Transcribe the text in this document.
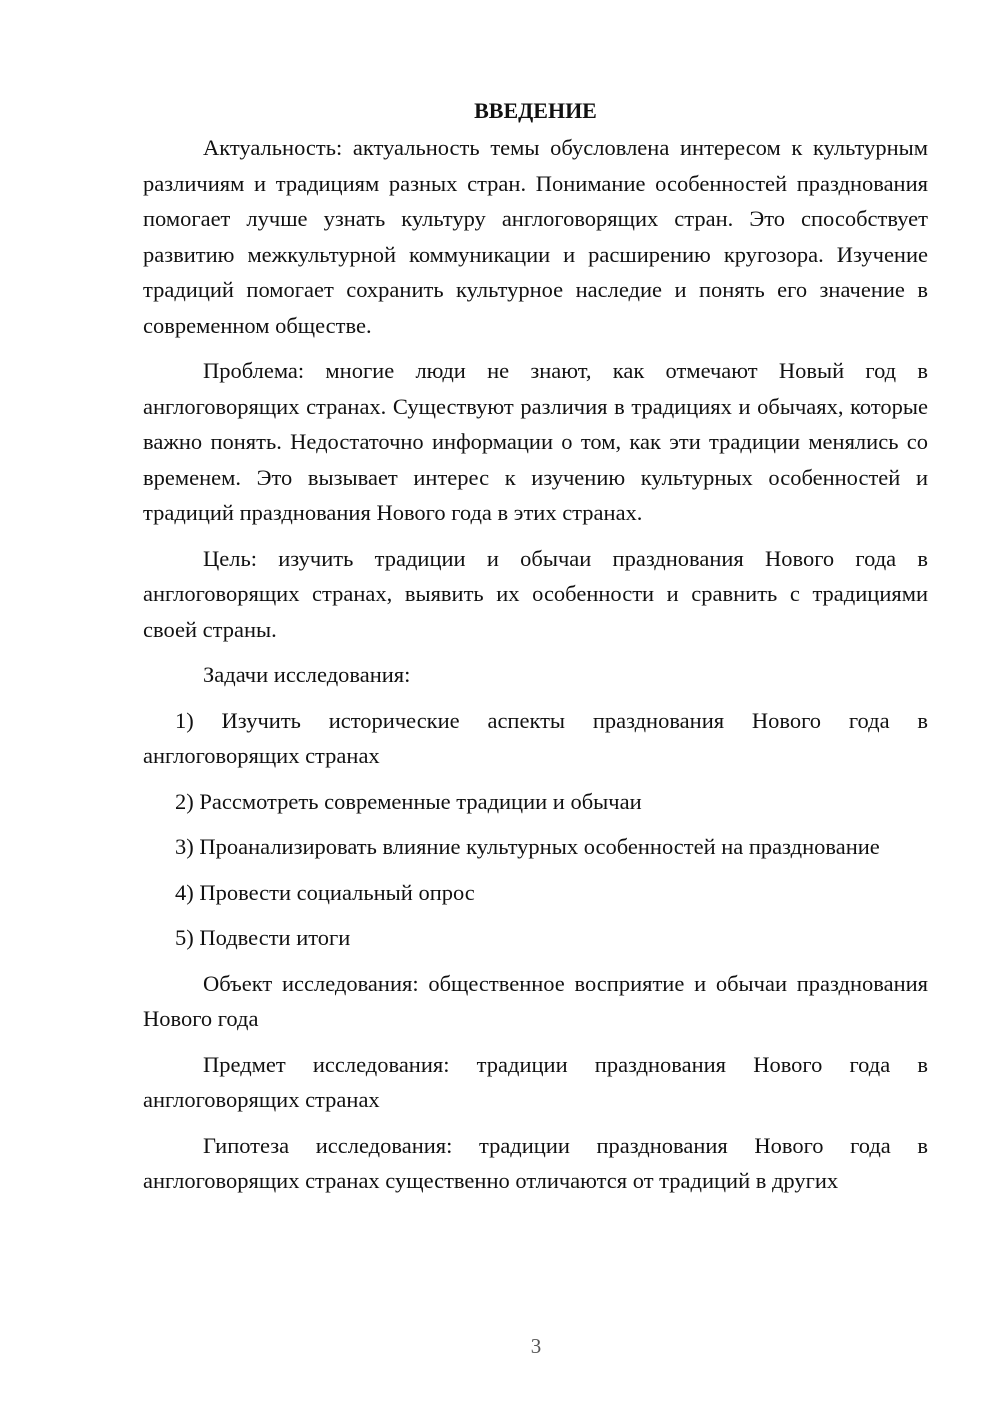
ВВЕДЕНИЕ

Актуальность: актуальность темы обусловлена интересом к культурным различиям и традициям разных стран. Понимание особенностей празднования помогает лучше узнать культуру англоговорящих стран. Это способствует развитию межкультурной коммуникации и расширению кругозора. Изучение традиций помогает сохранить культурное наследие и понять его значение в современном обществе.

Проблема: многие люди не знают, как отмечают Новый год в англоговорящих странах. Существуют различия в традициях и обычаях, которые важно понять. Недостаточно информации о том, как эти традиции менялись со временем. Это вызывает интерес к изучению культурных особенностей и традиций празднования Нового года в этих странах.

Цель: изучить традиции и обычаи празднования Нового года в англоговорящих странах, выявить их особенности и сравнить с традициями своей страны.

Задачи исследования:

1) Изучить исторические аспекты празднования Нового года в англоговорящих странах

2) Рассмотреть современные традиции и обычаи

3) Проанализировать влияние культурных особенностей на празднование

4) Провести социальный опрос

5) Подвести итоги

Объект исследования: общественное восприятие и обычаи празднования Нового года

Предмет исследования: традиции празднования Нового года в англоговорящих странах

Гипотеза исследования: традиции празднования Нового года в англоговорящих странах существенно отличаются от традиций в других

3
